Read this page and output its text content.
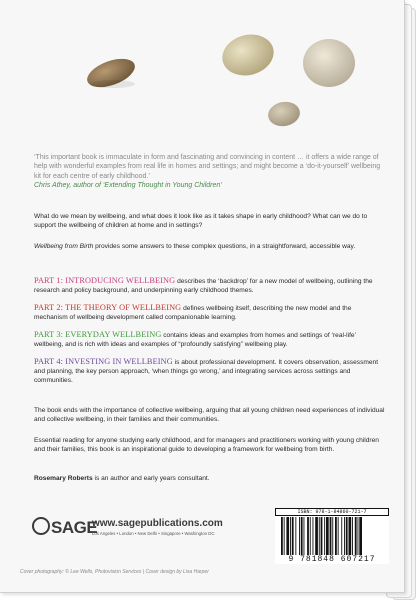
‘This important book is immaculate in form and fascinating and convincing in content … it offers a wide range of help with wonderful examples from real life in homes and settings; and might become a ‘do-it-yourself’ wellbeing kit for each centre of early childhood.’
Chris Athey, author of ‘Extending Thought in Young Children’

What do we mean by wellbeing, and what does it look like as it takes shape in early childhood? What can we do to support the wellbeing of children at home and in settings?

Wellbeing from Birth provides some answers to these complex questions, in a straightforward, accessible way.

PART 1: INTRODUCING WELLBEING describes the ‘backdrop’ for a new model of wellbeing, outlining the research and policy background, and underpinning early childhood themes.

PART 2: THE THEORY OF WELLBEING defines wellbeing itself, describing the new model and the mechanism of wellbeing development called companionable learning.

PART 3: EVERYDAY WELLBEING contains ideas and examples from homes and settings of ‘real-life’ wellbeing, and is rich with ideas and examples of “profoundly satisfying” wellbeing play.

PART 4: INVESTING IN WELLBEING is about professional development. It covers observation, assessment and planning, the key person approach, ‘when things go wrong,’ and integrating services across settings and communities.

The book ends with the importance of collective wellbeing, arguing that all young children need experiences of individual and collective wellbeing, in their families and their communities.

Essential reading for anyone studying early childhood, and for managers and practitioners working with young children and their families, this book is an inspirational guide to developing a framework for wellbeing from birth.

Rosemary Roberts is an author and early years consultant.

SAGE
www.sagepublications.com
Los Angeles • London • New Delhi • Singapore • Washington DC
Cover photography: © Lee Wells, Photovision Services | Cover design by Lisa Harper
ISBN: 978-1-84860-721-7
9 781848 607217
